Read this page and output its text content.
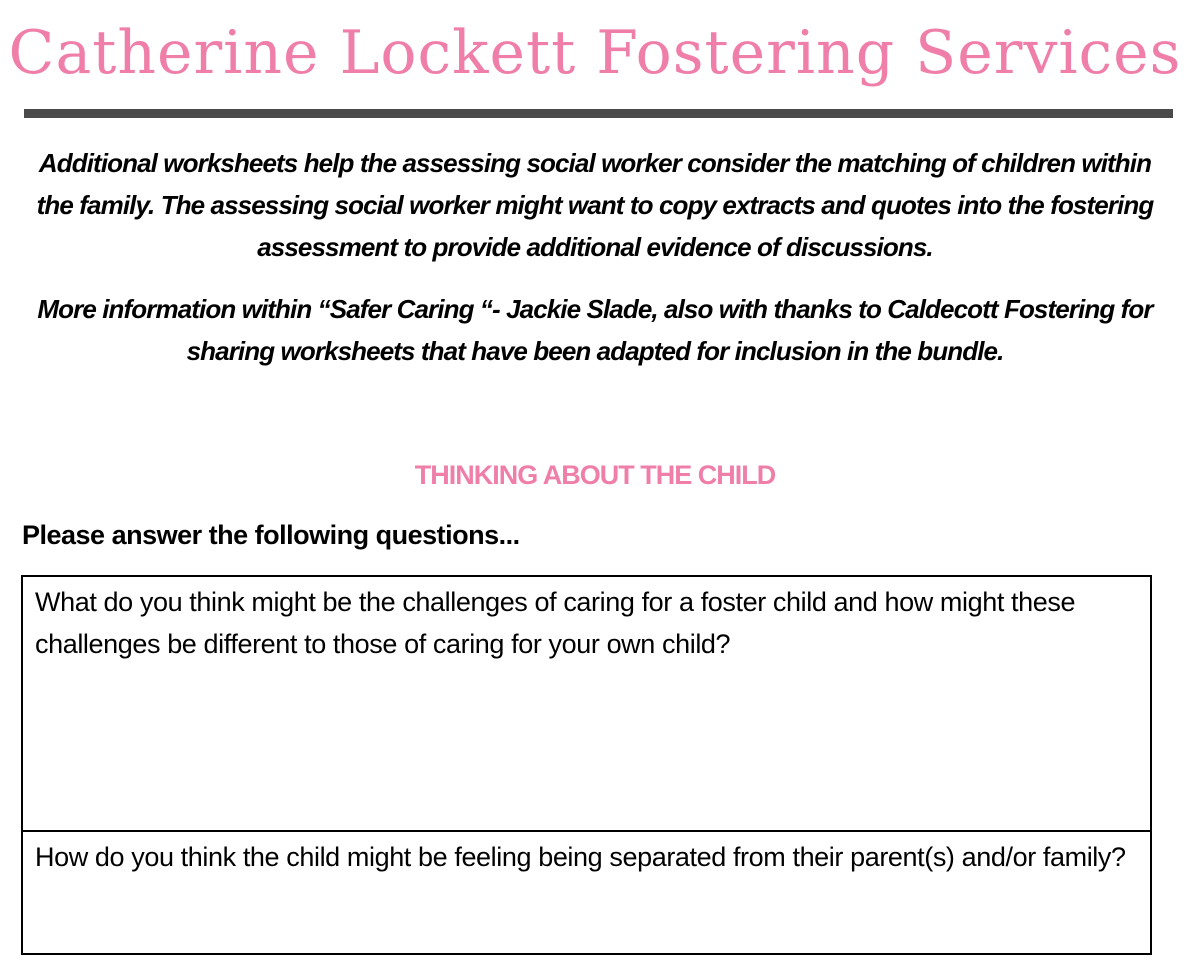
Catherine Lockett Fostering Services

Additional worksheets help the assessing social worker consider the matching of children within the family. The assessing social worker might want to copy extracts and quotes into the fostering assessment to provide additional evidence of discussions.

More information within “Safer Caring “- Jackie Slade, also with thanks to Caldecott Fostering for sharing worksheets that have been adapted for inclusion in the bundle.

THINKING ABOUT THE CHILD
Please answer the following questions...
What do you think might be the challenges of caring for a foster child and how might these challenges be different to those of caring for your own child?
How do you think the child might be feeling being separated from their parent(s) and/or family?
